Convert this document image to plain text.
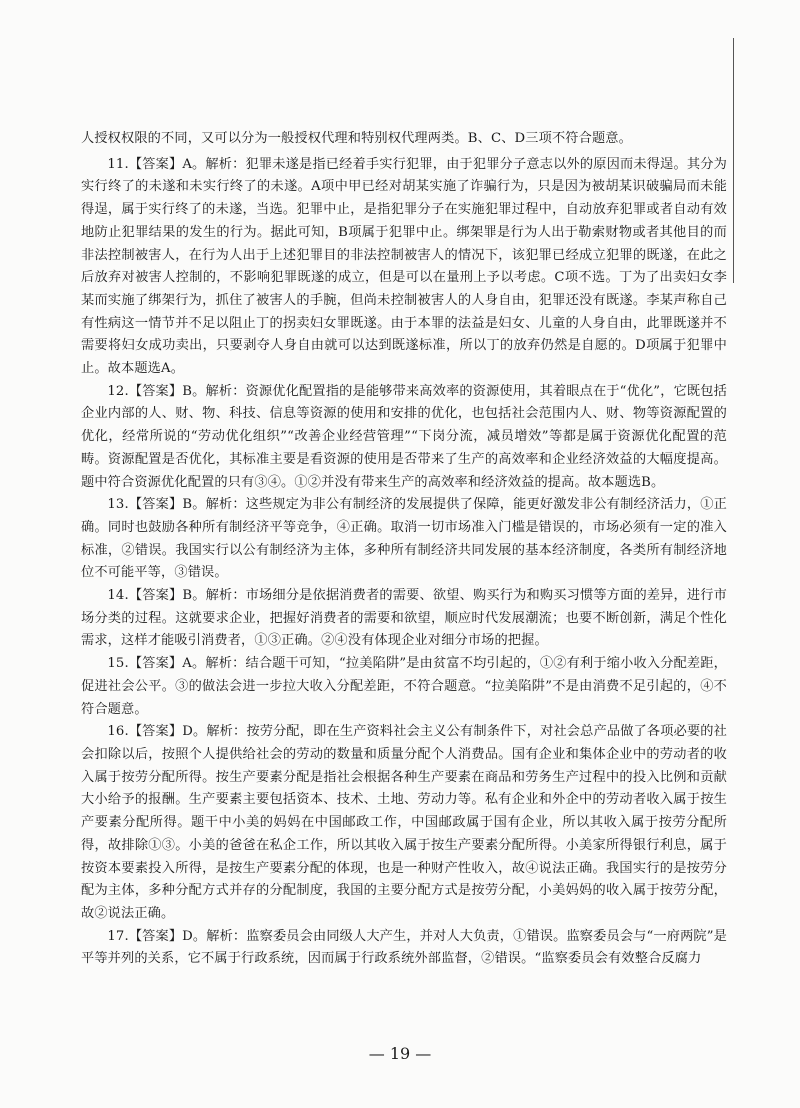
人授权权限的不同，又可以分为一般授权代理和特别权代理两类。B、C、D三项不符合题意。

11.【答案】A。解析：犯罪未遂是指已经着手实行犯罪，由于犯罪分子意志以外的原因而未得逞。其分为实行终了的未遂和未实行终了的未遂。A项中甲已经对胡某实施了诈骗行为，只是因为被胡某识破骗局而未能得逞，属于实行终了的未遂，当选。犯罪中止，是指犯罪分子在实施犯罪过程中，自动放弃犯罪或者自动有效地防止犯罪结果的发生的行为。据此可知，B项属于犯罪中止。绑架罪是行为人出于勒索财物或者其他目的而非法控制被害人，在行为人出于上述犯罪目的非法控制被害人的情况下，该犯罪已经成立犯罪的既遂，在此之后放弃对被害人控制的，不影响犯罪既遂的成立，但是可以在量刑上予以考虑。C项不选。丁为了出卖妇女李某而实施了绑架行为，抓住了被害人的手腕，但尚未控制被害人的人身自由，犯罪还没有既遂。李某声称自己有性病这一情节并不足以阻止丁的拐卖妇女罪既遂。由于本罪的法益是妇女、儿童的人身自由，此罪既遂并不需要将妇女成功卖出，只要剥夺人身自由就可以达到既遂标准，所以丁的放弃仍然是自愿的。D项属于犯罪中止。故本题选A。

12.【答案】B。解析：资源优化配置指的是能够带来高效率的资源使用，其着眼点在于“优化”，它既包括企业内部的人、财、物、科技、信息等资源的使用和安排的优化，也包括社会范围内人、财、物等资源配置的优化，经常所说的“劳动优化组织”“改善企业经营管理”“下岗分流，减员增效”等都是属于资源优化配置的范畴。资源配置是否优化，其标准主要是看资源的使用是否带来了生产的高效率和企业经济效益的大幅度提高。题中符合资源优化配置的只有③④。①②并没有带来生产的高效率和经济效益的提高。故本题选B。

13.【答案】B。解析：这些规定为非公有制经济的发展提供了保障，能更好激发非公有制经济活力，①正确。同时也鼓励各种所有制经济平等竞争，④正确。取消一切市场准入门槛是错误的，市场必须有一定的准入标准，②错误。我国实行以公有制经济为主体，多种所有制经济共同发展的基本经济制度，各类所有制经济地位不可能平等，③错误。

14.【答案】B。解析：市场细分是依据消费者的需要、欲望、购买行为和购买习惯等方面的差异，进行市场分类的过程。这就要求企业，把握好消费者的需要和欲望，顺应时代发展潮流；也要不断创新，满足个性化需求，这样才能吸引消费者，①③正确。②④没有体现企业对细分市场的把握。

15.【答案】A。解析：结合题干可知，“拉美陷阱”是由贫富不均引起的，①②有利于缩小收入分配差距，促进社会公平。③的做法会进一步拉大收入分配差距，不符合题意。“拉美陷阱”不是由消费不足引起的，④不符合题意。

16.【答案】D。解析：按劳分配，即在生产资料社会主义公有制条件下，对社会总产品做了各项必要的社会扣除以后，按照个人提供给社会的劳动的数量和质量分配个人消费品。国有企业和集体企业中的劳动者的收入属于按劳分配所得。按生产要素分配是指社会根据各种生产要素在商品和劳务生产过程中的投入比例和贡献大小给予的报酬。生产要素主要包括资本、技术、土地、劳动力等。私有企业和外企中的劳动者收入属于按生产要素分配所得。题干中小美的妈妈在中国邮政工作，中国邮政属于国有企业，所以其收入属于按劳分配所得，故排除①③。小美的爸爸在私企工作，所以其收入属于按生产要素分配所得。小美家所得银行利息，属于按资本要素投入所得，是按生产要素分配的体现，也是一种财产性收入，故④说法正确。我国实行的是按劳分配为主体，多种分配方式并存的分配制度，我国的主要分配方式是按劳分配，小美妈妈的收入属于按劳分配，故②说法正确。

17.【答案】D。解析：监察委员会由同级人大产生，并对人大负责，①错误。监察委员会与“一府两院”是平等并列的关系，它不属于行政系统，因而属于行政系统外部监督，②错误。“监察委员会有效整合反腐力

— 19 —
